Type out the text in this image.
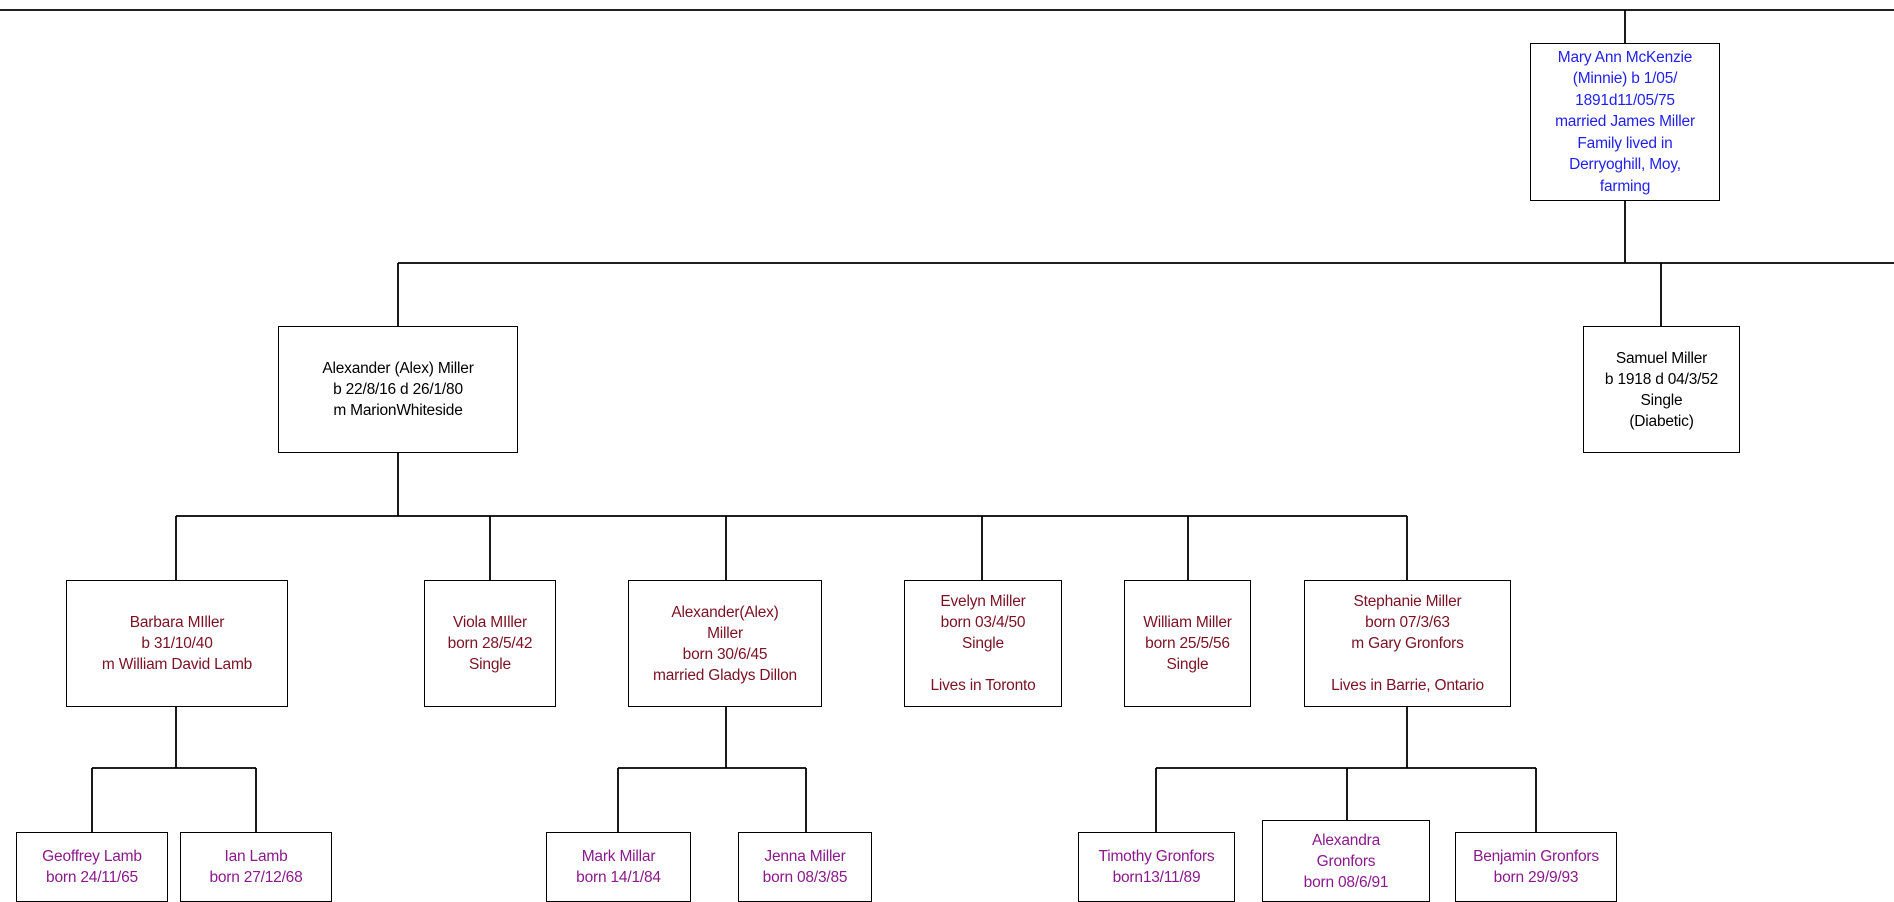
Mary Ann McKenzie
(Minnie) b 1/05/
1891d11/05/75
married James Miller
Family lived in
Derryoghill, Moy,
farming
Alexander (Alex) Miller
b 22/8/16 d 26/1/80
m MarionWhiteside
Samuel Miller
b 1918 d 04/3/52
Single
(Diabetic)
Barbara MIller
b 31/10/40
m William David Lamb
Viola MIller
born 28/5/42
Single
Alexander(Alex)
Miller
born 30/6/45
married Gladys Dillon
Evelyn Miller
born 03/4/50
Single
Lives in Toronto
William Miller
born 25/5/56
Single
Stephanie Miller
born 07/3/63
m Gary Gronfors
Lives in Barrie, Ontario
Geoffrey Lamb
born 24/11/65
Ian Lamb
born 27/12/68
Mark Millar
born 14/1/84
Jenna Miller
born 08/3/85
Timothy Gronfors
born13/11/89
Alexandra
Gronfors
born 08/6/91
Benjamin Gronfors
born 29/9/93
